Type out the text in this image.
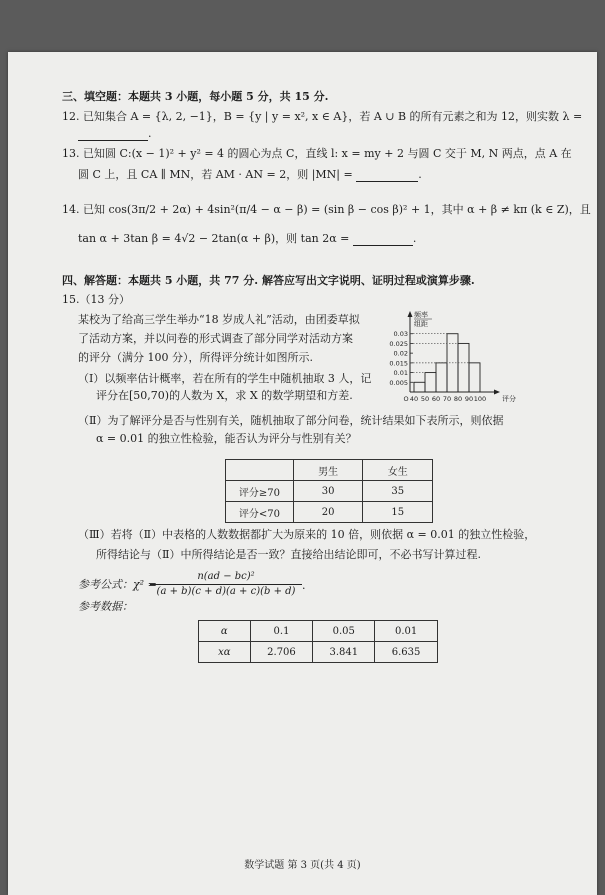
三、填空题：本题共 3 小题，每小题 5 分，共 15 分.
12. 已知集合 A = {λ, 2, −1}，B = {y | y = x², x ∈ A}，若 A ∪ B 的所有元素之和为 12，则实数 λ =
.
13. 已知圆 C:(x − 1)² + y² = 4 的圆心为点 C，直线 l: x = my + 2 与圆 C 交于 M, N 两点，点 A 在
圆 C 上，且 CA ∥ MN，若 AM · AN = 2，则 |MN| =	.
14. 已知 cos(3π/2 + 2α) + 4sin²(π/4 − α − β) = (sin β − cos β)² + 1，其中 α + β ≠ kπ (k ∈ Z)，且
tan α + 3tan β = 4√2 − 2tan(α + β)，则 tan 2α =	.
四、解答题：本题共 5 小题，共 77 分. 解答应写出文字说明、证明过程或演算步骤.
15.（13 分）
某校为了给高三学生举办“18 岁成人礼”活动，由团委草拟
了活动方案，并以问卷的形式调查了部分同学对活动方案
的评分（满分 100 分），所得评分统计如图所示.
（Ⅰ）以频率估计概率，若在所有的学生中随机抽取 3 人，记
评分在[50,70)的人数为 X，求 X 的数学期望和方差.
（Ⅱ）为了解评分是否与性别有关，随机抽取了部分问卷，统计结果如下表所示，则依据
α = 0.01 的独立性检验，能否认为评分与性别有关？
0.03
0.025
0.02
0.015
0.01
0.005
O 40 50 60 70 80 90 100
频率
组距
评分
	男生	女生
评分≥70	30	35
评分<70	20	15
（Ⅲ）若将（Ⅱ）中表格的人数数据都扩大为原来的 10 倍，则依据 α = 0.01 的独立性检验，
所得结论与（Ⅱ）中所得结论是否一致？直接给出结论即可，不必书写计算过程.
参考公式：χ² =
n(ad − bc)²
(a + b)(c + d)(a + c)(b + d) .
参考数据：
α	0.1	0.05	0.01
xα	2.706	3.841	6.635
数学试题 第 3 页(共 4 页)
